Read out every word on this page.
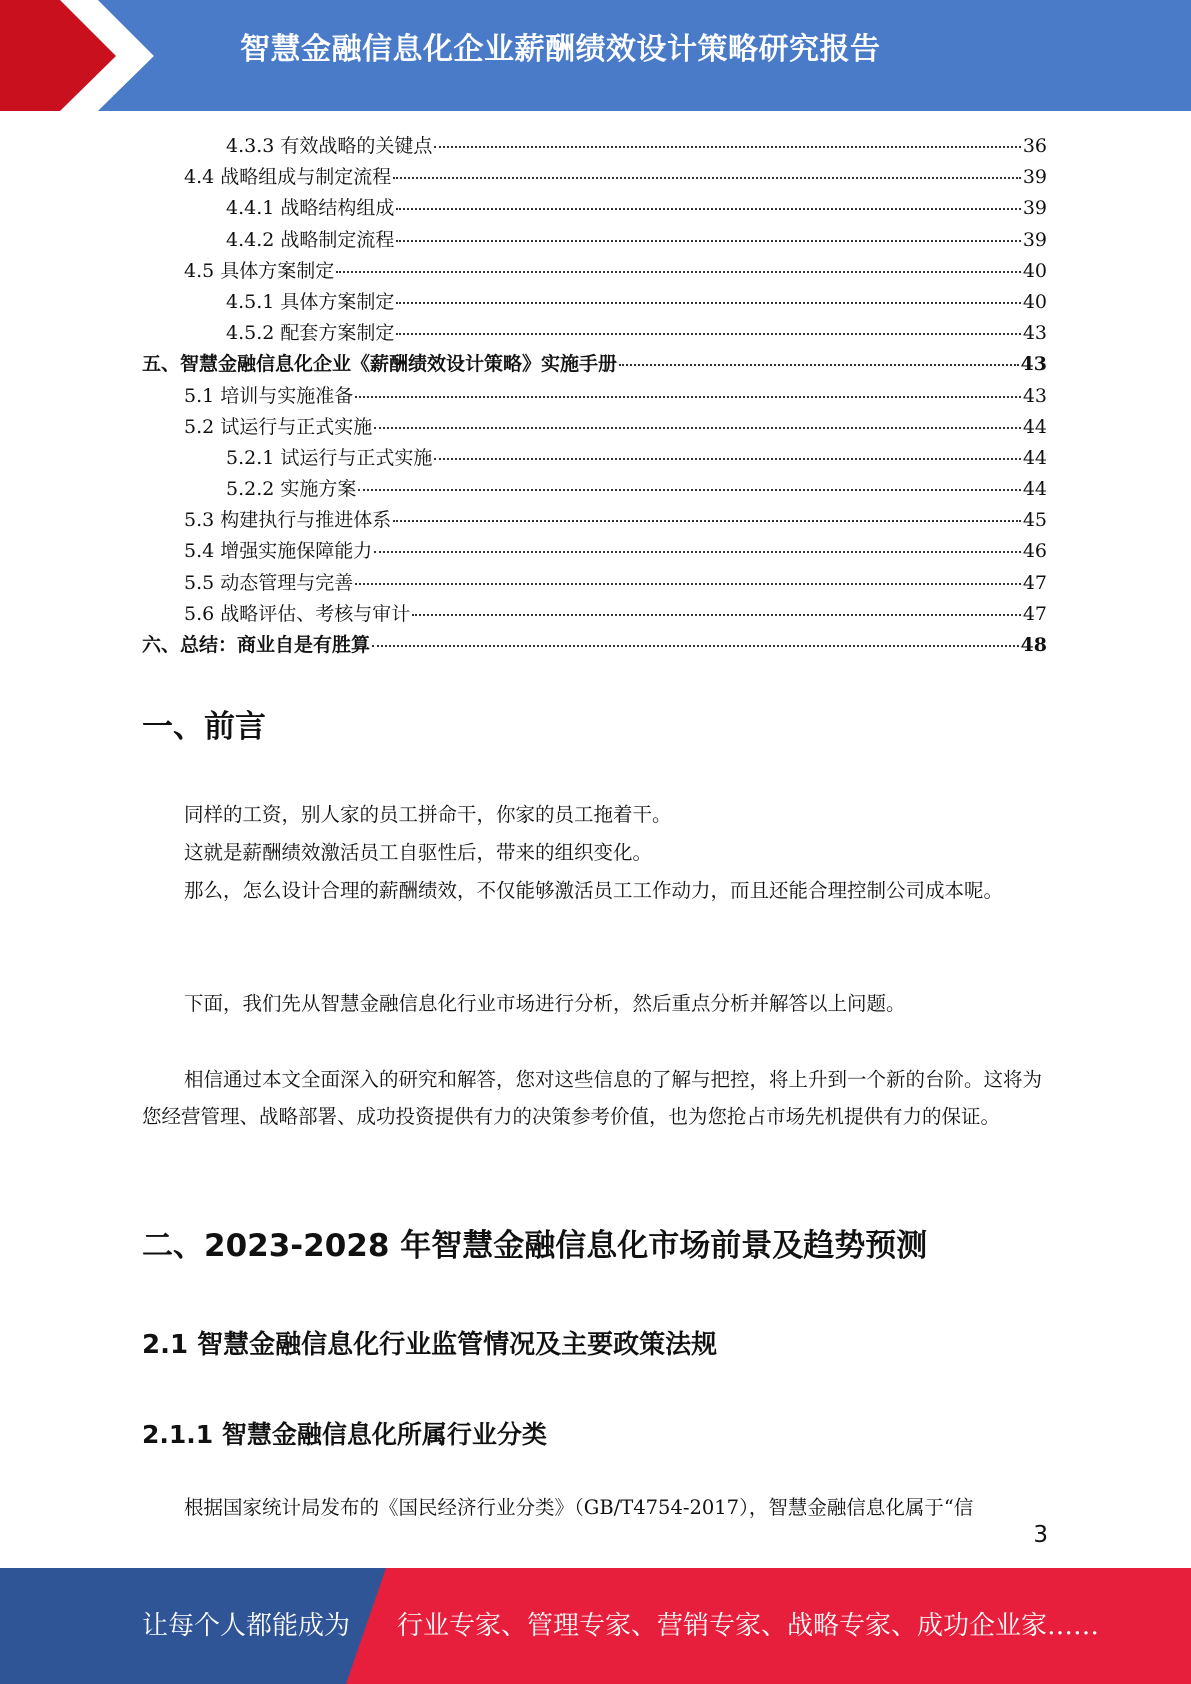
智慧金融信息化企业薪酬绩效设计策略研究报告
4.3.3 有效战略的关键点	36
4.4 战略组成与制定流程	39
4.4.1 战略结构组成	39
4.4.2 战略制定流程	39
4.5 具体方案制定	40
4.5.1 具体方案制定	40
4.5.2 配套方案制定	43
五、智慧金融信息化企业《薪酬绩效设计策略》实施手册	43
5.1 培训与实施准备	43
5.2 试运行与正式实施	44
5.2.1 试运行与正式实施	44
5.2.2 实施方案	44
5.3 构建执行与推进体系	45
5.4 增强实施保障能力	46
5.5 动态管理与完善	47
5.6 战略评估、考核与审计	47
六、总结：商业自是有胜算	48
一、前言

同样的工资，别人家的员工拼命干，你家的员工拖着干。

这就是薪酬绩效激活员工自驱性后，带来的组织变化。

那么，怎么设计合理的薪酬绩效，不仅能够激活员工工作动力，而且还能合理控制公司成本呢。

下面，我们先从智慧金融信息化行业市场进行分析，然后重点分析并解答以上问题。

相信通过本文全面深入的研究和解答，您对这些信息的了解与把控，将上升到一个新的台阶。这将为您经营管理、战略部署、成功投资提供有力的决策参考价值，也为您抢占市场先机提供有力的保证。

二、2023-2028 年智慧金融信息化市场前景及趋势预测
2.1 智慧金融信息化行业监管情况及主要政策法规
2.1.1 智慧金融信息化所属行业分类

根据国家统计局发布的《国民经济行业分类》（GB/T4754-2017），智慧金融信息化属于“信

3
让每个人都能成为 行业专家、管理专家、营销专家、战略专家、成功企业家……
